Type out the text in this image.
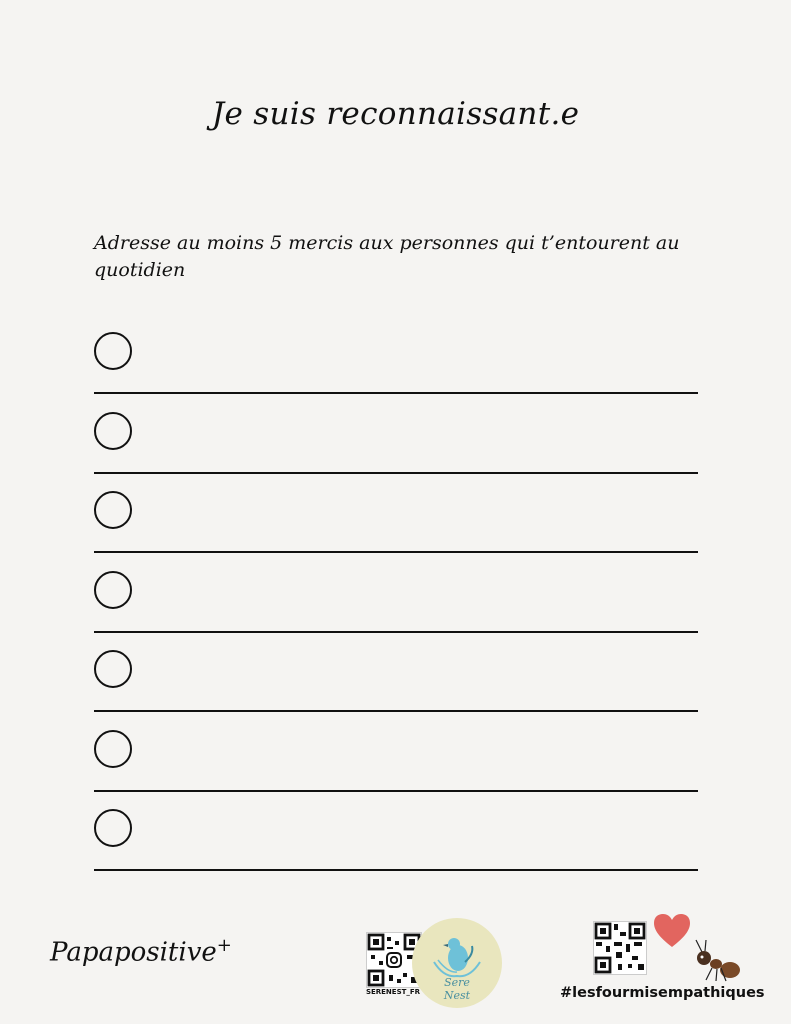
Je suis reconnaissant.e
Adresse au moins 5 mercis aux personnes qui t’entourent au quotidien
Papapositive+
SERENEST_FR
Sere Nest	#lesfourmisempathiques
